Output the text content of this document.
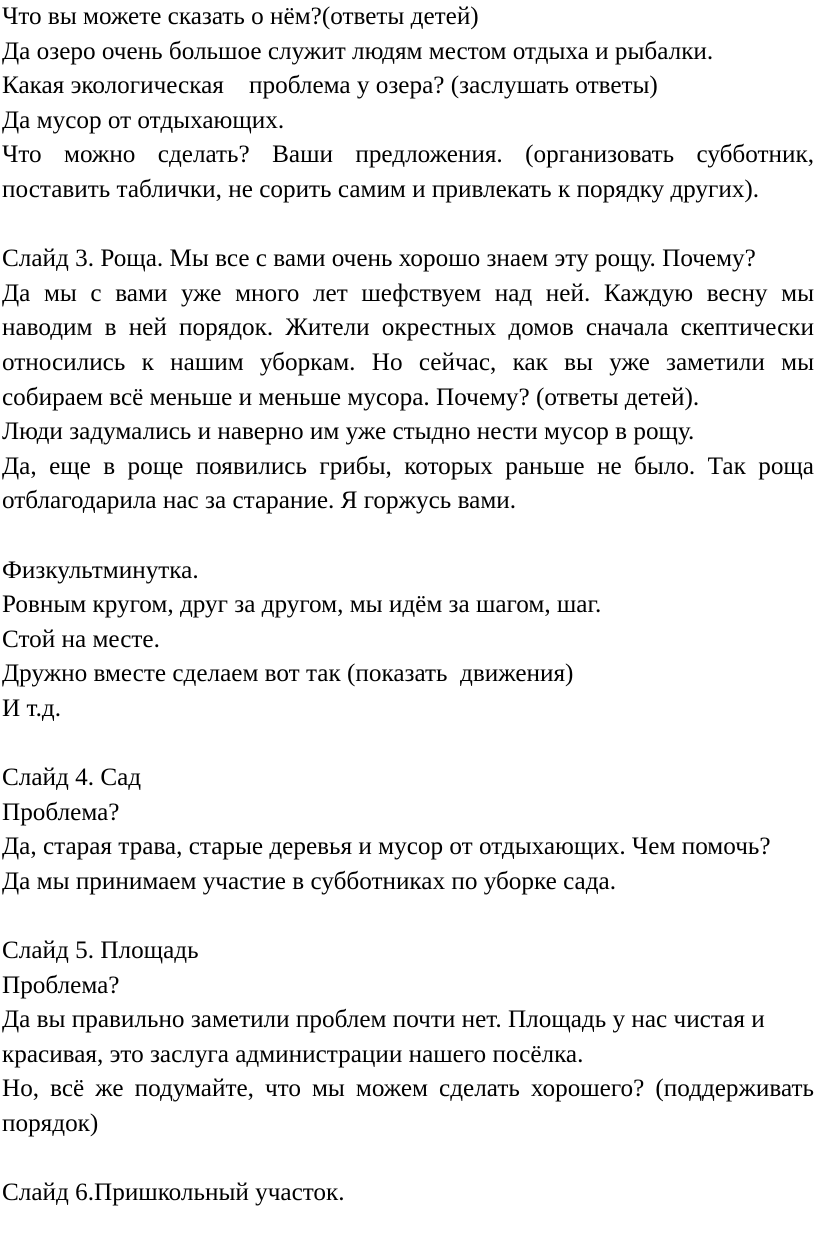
Что вы можете сказать о нём?(ответы детей)

Да озеро очень большое служит людям местом отдыха и рыбалки.

Какая экологическая    проблема у озера? (заслушать ответы)

Да мусор от отдыхающих.

Что можно сделать? Ваши предложения. (организовать субботник, поставить таблички, не сорить самим и привлекать к порядку других).

Слайд 3. Роща. Мы все с вами очень хорошо знаем эту рощу. Почему?

Да мы с вами уже много лет шефствуем над ней. Каждую весну мы наводим в ней порядок. Жители окрестных домов сначала скептически относились к нашим уборкам. Но сейчас, как вы уже заметили мы собираем всё меньше и меньше мусора. Почему? (ответы детей).

Люди задумались и наверно им уже стыдно нести мусор в рощу.

Да, еще в роще появились грибы, которых раньше не было. Так роща отблагодарила нас за старание. Я горжусь вами.

Физкультминутка.

Ровным кругом, друг за другом, мы идём за шагом, шаг.

Стой на месте.

Дружно вместе сделаем вот так (показать  движения)

И т.д.

Слайд 4. Сад

Проблема?

Да, старая трава, старые деревья и мусор от отдыхающих. Чем помочь?

Да мы принимаем участие в субботниках по уборке сада.

Слайд 5. Площадь

Проблема?

Да вы правильно заметили проблем почти нет. Площадь у нас чистая и красивая, это заслуга администрации нашего посёлка.

Но, всё же подумайте, что мы можем сделать хорошего? (поддерживать порядок)

Слайд 6.Пришкольный участок.
